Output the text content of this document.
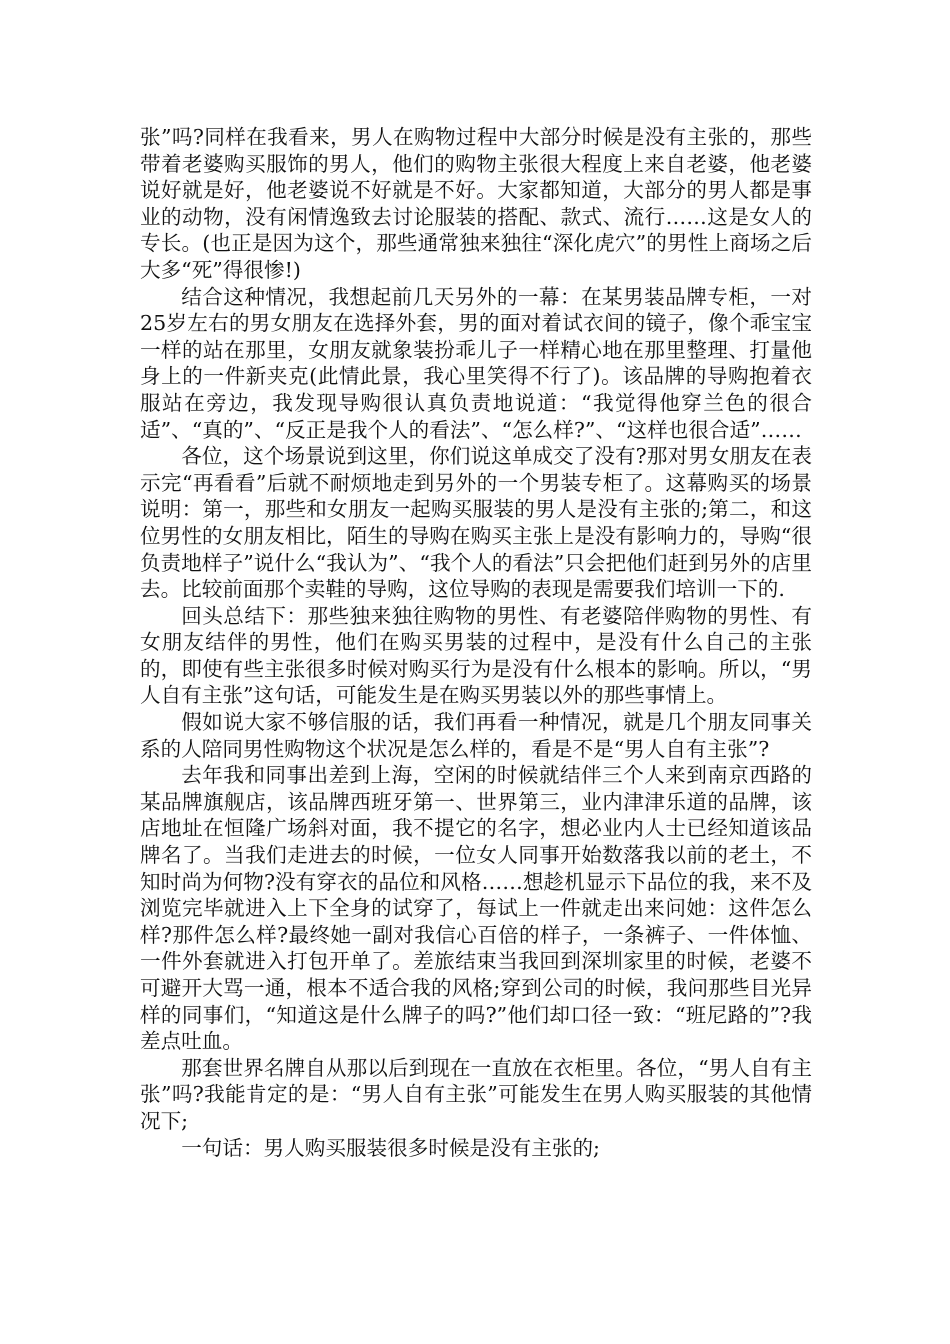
张”吗?同样在我看来，男人在购物过程中大部分时候是没有主张的，那些带着老婆购买服饰的男人，他们的购物主张很大程度上来自老婆，他老婆说好就是好，他老婆说不好就是不好。大家都知道，大部分的男人都是事业的动物，没有闲情逸致去讨论服装的搭配、款式、流行……这是女人的专长。(也正是因为这个，那些通常独来独往“深化虎穴”的男性上商场之后大多“死”得很惨!)

结合这种情况，我想起前几天另外的一幕：在某男装品牌专柜，一对25岁左右的男女朋友在选择外套，男的面对着试衣间的镜子，像个乖宝宝一样的站在那里，女朋友就象装扮乖儿子一样精心地在那里整理、打量他身上的一件新夹克(此情此景，我心里笑得不行了)。该品牌的导购抱着衣服站在旁边，我发现导购很认真负责地说道：“我觉得他穿兰色的很合适”、“真的”、“反正是我个人的看法”、“怎么样?”、“这样也很合适”……

各位，这个场景说到这里，你们说这单成交了没有?那对男女朋友在表示完“再看看”后就不耐烦地走到另外的一个男装专柜了。这幕购买的场景说明：第一，那些和女朋友一起购买服装的男人是没有主张的;第二，和这位男性的女朋友相比，陌生的导购在购买主张上是没有影响力的，导购“很负责地样子”说什么“我认为”、“我个人的看法”只会把他们赶到另外的店里去。比较前面那个卖鞋的导购，这位导购的表现是需要我们培训一下的.

回头总结下：那些独来独往购物的男性、有老婆陪伴购物的男性、有女朋友结伴的男性，他们在购买男装的过程中，是没有什么自己的主张的，即使有些主张很多时候对购买行为是没有什么根本的影响。所以，“男人自有主张”这句话，可能发生是在购买男装以外的那些事情上。

假如说大家不够信服的话，我们再看一种情况，就是几个朋友同事关系的人陪同男性购物这个状况是怎么样的，看是不是“男人自有主张”?

去年我和同事出差到上海，空闲的时候就结伴三个人来到南京西路的某品牌旗舰店，该品牌西班牙第一、世界第三，业内津津乐道的品牌，该店地址在恒隆广场斜对面，我不提它的名字，想必业内人士已经知道该品牌名了。当我们走进去的时候，一位女人同事开始数落我以前的老土，不知时尚为何物?没有穿衣的品位和风格……想趁机显示下品位的我，来不及浏览完毕就进入上下全身的试穿了，每试上一件就走出来问她：这件怎么样?那件怎么样?最终她一副对我信心百倍的样子，一条裤子、一件体恤、一件外套就进入打包开单了。差旅结束当我回到深圳家里的时候，老婆不可避开大骂一通，根本不适合我的风格;穿到公司的时候，我问那些目光异样的同事们，“知道这是什么牌子的吗?”他们却口径一致：“班尼路的”?我差点吐血。

那套世界名牌自从那以后到现在一直放在衣柜里。各位，“男人自有主张”吗?我能肯定的是：“男人自有主张”可能发生在男人购买服装的其他情况下;

一句话：男人购买服装很多时候是没有主张的;
